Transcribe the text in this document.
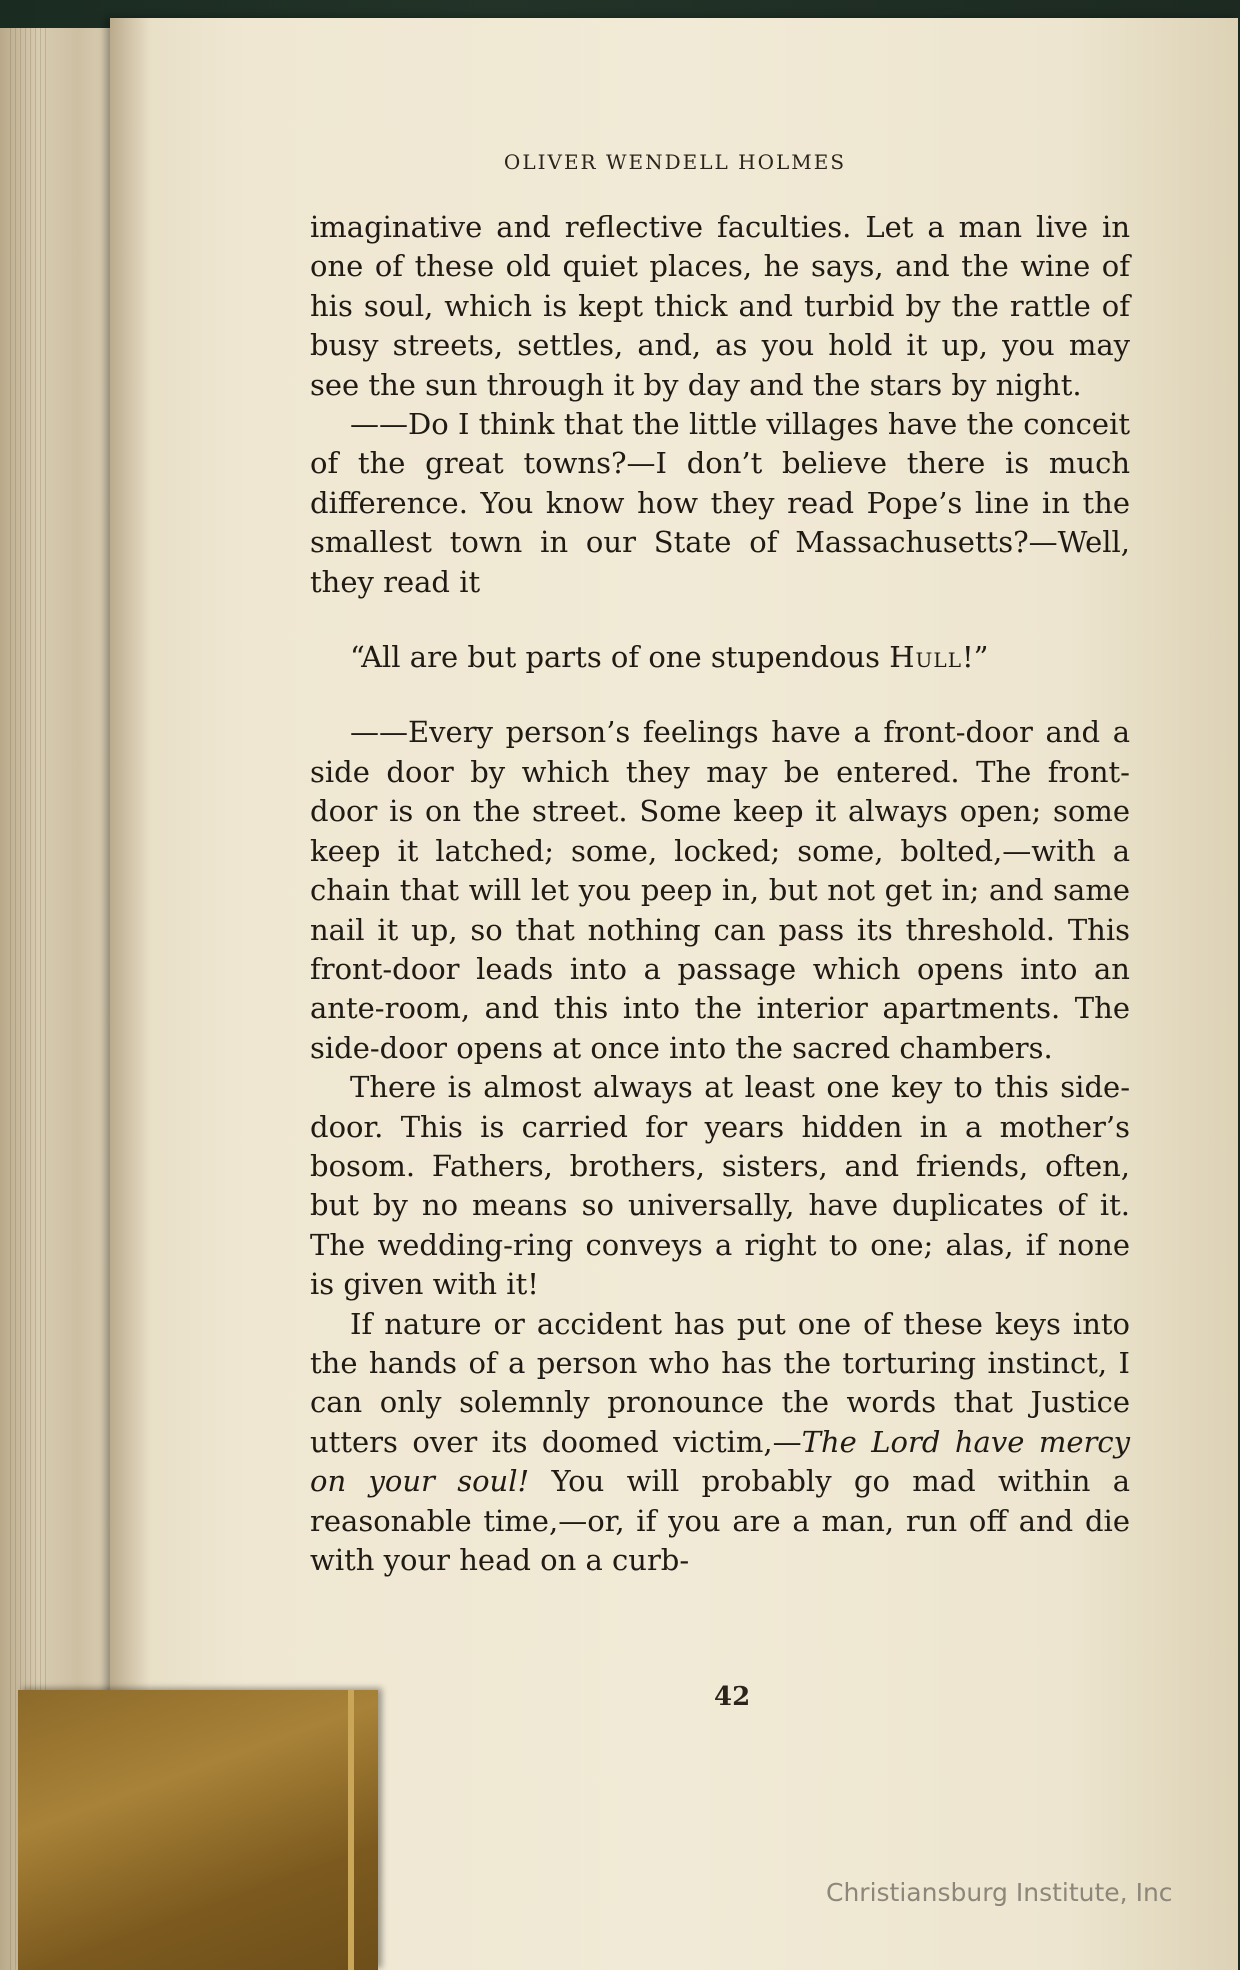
OLIVER WENDELL HOLMES

imaginative and reflective faculties. Let a man live in one of these old quiet places, he says, and the wine of his soul, which is kept thick and turbid by the rattle of busy streets, settles, and, as you hold it up, you may see the sun through it by day and the stars by night.

——Do I think that the little villages have the conceit of the great towns?—I don’t believe there is much difference. You know how they read Pope’s line in the smallest town in our State of Massachusetts?—Well, they read it

“All are but parts of one stupendous Hull!”

——Every person’s feelings have a front-door and a side door by which they may be entered. The front-door is on the street. Some keep it always open; some keep it latched; some, locked; some, bolted,—with a chain that will let you peep in, but not get in; and same nail it up, so that nothing can pass its threshold. This front-door leads into a passage which opens into an ante-room, and this into the interior apartments. The side-door opens at once into the sacred chambers.

There is almost always at least one key to this side-door. This is carried for years hidden in a mother’s bosom. Fathers, brothers, sisters, and friends, often, but by no means so universally, have duplicates of it. The wedding-ring conveys a right to one; alas, if none is given with it!

If nature or accident has put one of these keys into the hands of a person who has the torturing instinct, I can only solemnly pronounce the words that Justice utters over its doomed victim,—The Lord have mercy on your soul! You will probably go mad within a reasonable time,—or, if you are a man, run off and die with your head on a curb-

42
Christiansburg Institute, Inc
